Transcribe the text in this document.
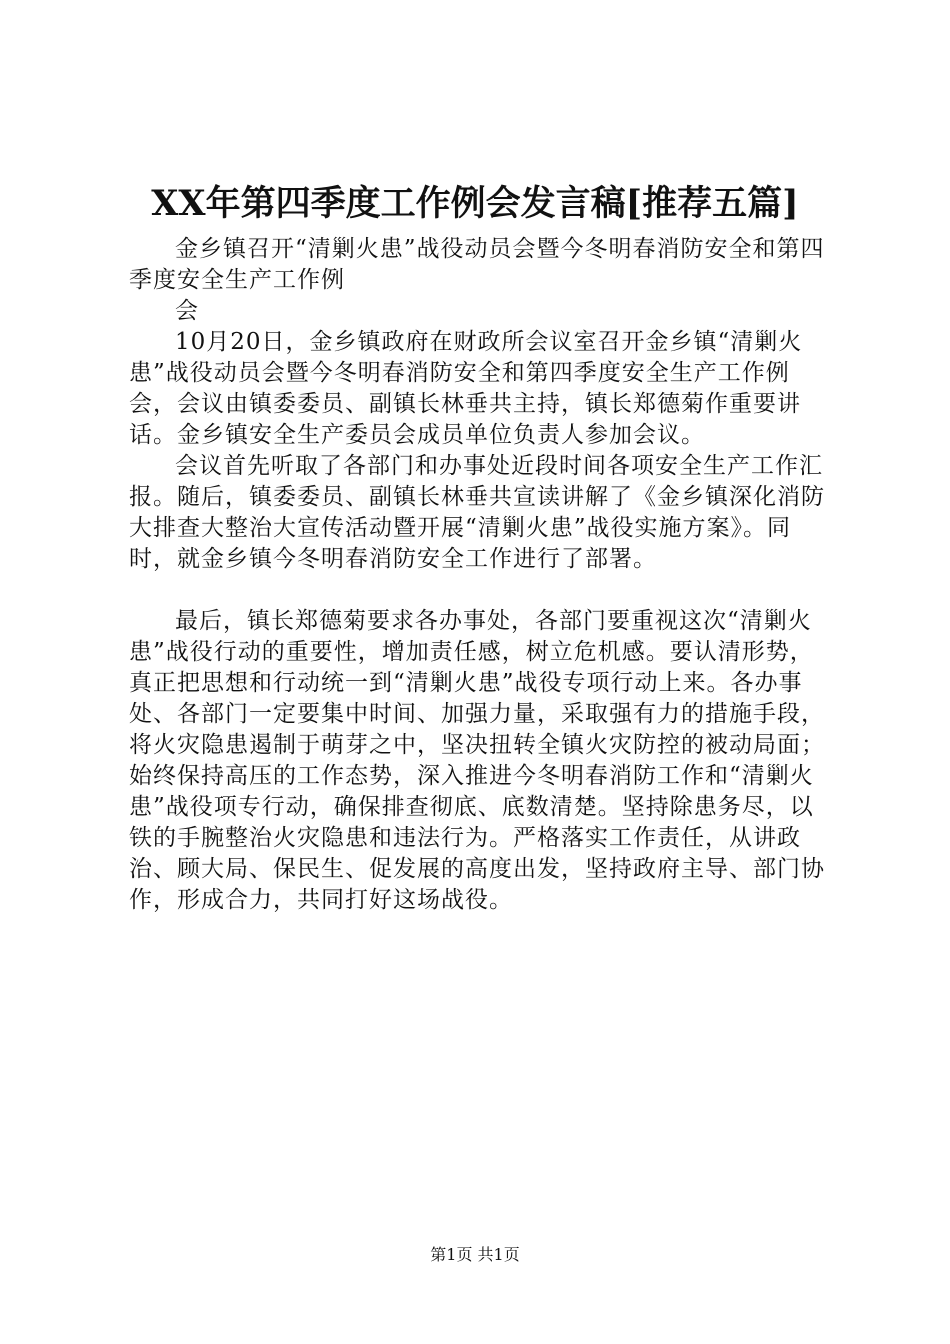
XX年第四季度工作例会发言稿[推荐五篇]

金乡镇召开“清剿火患”战役动员会暨今冬明春消防安全和第四季度安全生产工作例

会

10月20日，金乡镇政府在财政所会议室召开金乡镇“清剿火患”战役动员会暨今冬明春消防安全和第四季度安全生产工作例会，会议由镇委委员、副镇长林垂共主持，镇长郑德菊作重要讲话。金乡镇安全生产委员会成员单位负责人参加会议。

会议首先听取了各部门和办事处近段时间各项安全生产工作汇报。随后，镇委委员、副镇长林垂共宣读讲解了《金乡镇深化消防大排查大整治大宣传活动暨开展“清剿火患”战役实施方案》。同时，就金乡镇今冬明春消防安全工作进行了部署。

最后，镇长郑德菊要求各办事处，各部门要重视这次“清剿火患”战役行动的重要性，增加责任感，树立危机感。要认清形势，真正把思想和行动统一到“清剿火患”战役专项行动上来。各办事处、各部门一定要集中时间、加强力量，采取强有力的措施手段，将火灾隐患遏制于萌芽之中，坚决扭转全镇火灾防控的被动局面；始终保持高压的工作态势，深入推进今冬明春消防工作和“清剿火患”战役项专行动，确保排查彻底、底数清楚。坚持除患务尽，以铁的手腕整治火灾隐患和违法行为。严格落实工作责任，从讲政治、顾大局、保民生、促发展的高度出发，坚持政府主导、部门协作，形成合力，共同打好这场战役。

第1页 共1页
